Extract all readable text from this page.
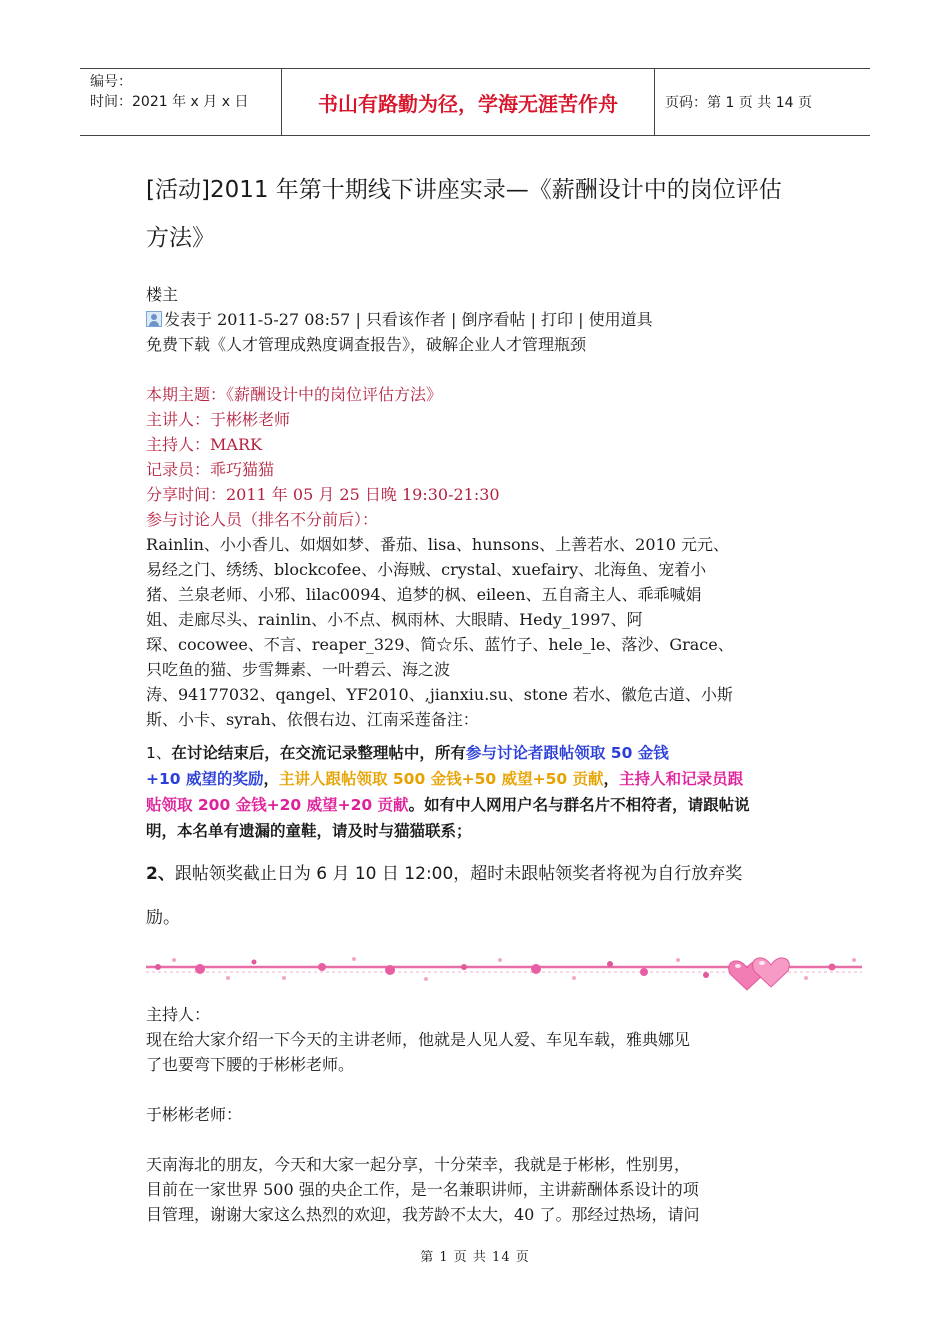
编号：
时间：2021 年 x 月 x 日	书山有路勤为径，学海无涯苦作舟	页码：第 1 页 共 14 页
[活动]2011 年第十期线下讲座实录—《薪酬设计中的岗位评估
方法》
楼主
发表于 2011-5-27 08:57 | 只看该作者 | 倒序看帖 | 打印 | 使用道具
免费下载《人才管理成熟度调查报告》，破解企业人才管理瓶颈
本期主题：《薪酬设计中的岗位评估方法》
主讲人：于彬彬老师
主持人：MARK
记录员：乖巧猫猫
分享时间：2011 年 05 月 25 日晚 19:30-21:30
参与讨论人员（排名不分前后）：
Rainlin、小小香儿、如烟如梦、番茄、lisa、hunsons、上善若水、2010 元元、
易经之门、绣绣、blockcofee、小海贼、crystal、xuefairy、北海鱼、宠着小
猪、兰泉老师、小邪、lilac0094、追梦的枫、eileen、五自斋主人、乖乖喊娟
姐、走廊尽头、rainlin、小不点、枫雨林、大眼睛、Hedy_1997、阿
琛、cocowee、不言、reaper_329、简☆乐、蓝竹子、hele_le、落沙、Grace、
只吃鱼的猫、步雪舞素、一叶碧云、海之波
涛、94177032、qangel、YF2010、,jianxiu.su、stone 若水、徽危古道、小斯
斯、小卡、syrah、依偎右边、江南采莲备注：
1、在讨论结束后，在交流记录整理帖中，所有参与讨论者跟帖领取 50 金钱
+10 威望的奖励，主讲人跟帖领取 500 金钱+50 威望+50 贡献，主持人和记录员跟
贴领取 200 金钱+20 威望+20 贡献。如有中人网用户名与群名片不相符者，请跟帖说
明，本名单有遗漏的童鞋，请及时与猫猫联系；
2、跟帖领奖截止日为 6 月 10 日 12:00，超时未跟帖领奖者将视为自行放弃奖
励。
主持人：
现在给大家介绍一下今天的主讲老师，他就是人见人爱、车见车载，雅典娜见
了也要弯下腰的于彬彬老师。
于彬彬老师：
天南海北的朋友，今天和大家一起分享，十分荣幸，我就是于彬彬，性别男，
目前在一家世界 500 强的央企工作，是一名兼职讲师，主讲薪酬体系设计的项
目管理，谢谢大家这么热烈的欢迎，我芳龄不太大，40 了。那经过热场，请问
第 1 页 共 14 页
